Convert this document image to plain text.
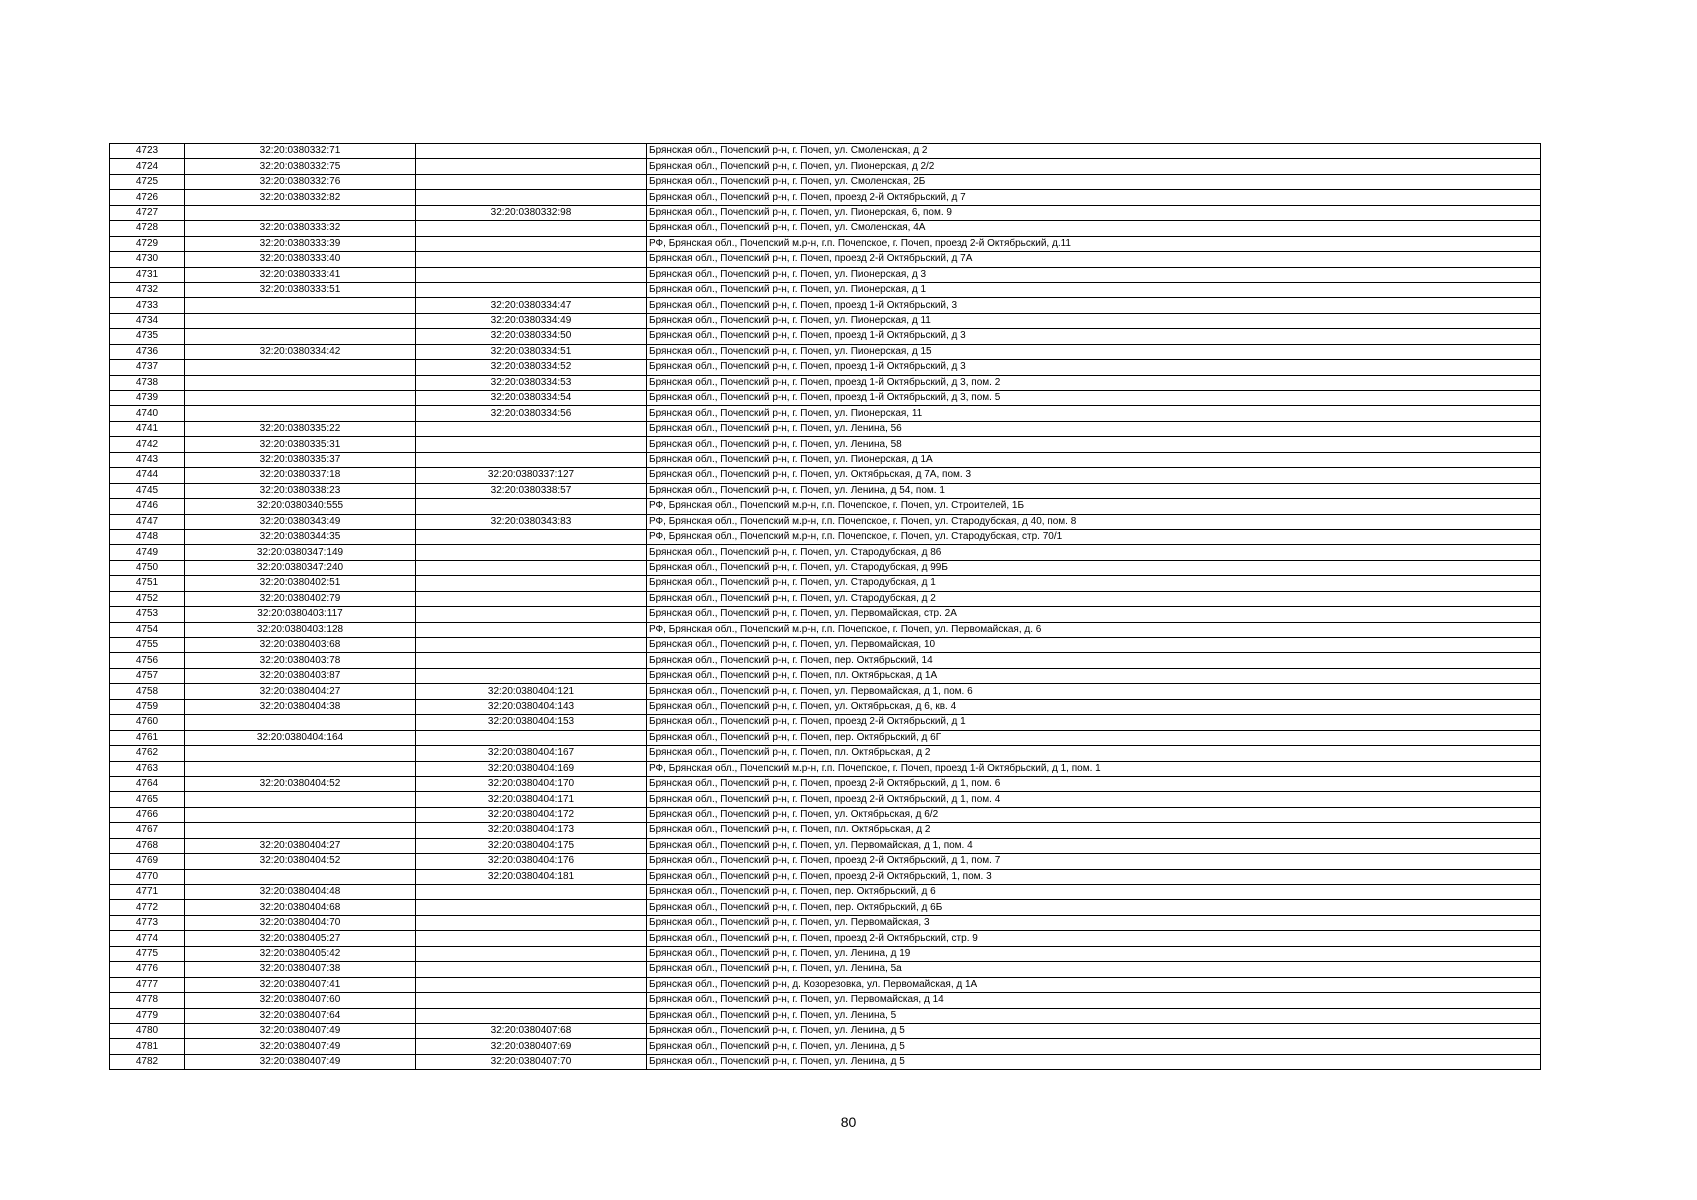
4723	32:20:0380332:71		Брянская обл., Почепский р-н, г. Почеп, ул. Смоленская, д 2
4724	32:20:0380332:75		Брянская обл., Почепский р-н, г. Почеп, ул. Пионерская, д 2/2
4725	32:20:0380332:76		Брянская обл., Почепский р-н, г. Почеп, ул. Смоленская, 2Б
4726	32:20:0380332:82		Брянская обл., Почепский р-н, г. Почеп, проезд 2-й Октябрьский, д 7
4727		32:20:0380332:98	Брянская обл., Почепский р-н, г. Почеп, ул. Пионерская, 6, пом. 9
4728	32:20:0380333:32		Брянская обл., Почепский р-н, г. Почеп, ул. Смоленская, 4А
4729	32:20:0380333:39		РФ, Брянская обл., Почепский м.р-н, г.п. Почепское, г. Почеп, проезд 2-й Октябрьский, д.11
4730	32:20:0380333:40		Брянская обл., Почепский р-н, г. Почеп, проезд 2-й Октябрьский, д 7А
4731	32:20:0380333:41		Брянская обл., Почепский р-н, г. Почеп, ул. Пионерская, д 3
4732	32:20:0380333:51		Брянская обл., Почепский р-н, г. Почеп, ул. Пионерская, д 1
4733		32:20:0380334:47	Брянская обл., Почепский р-н, г. Почеп, проезд 1-й Октябрьский, 3
4734		32:20:0380334:49	Брянская обл., Почепский р-н, г. Почеп, ул. Пионерская, д 11
4735		32:20:0380334:50	Брянская обл., Почепский р-н, г. Почеп, проезд 1-й Октябрьский, д 3
4736	32:20:0380334:42	32:20:0380334:51	Брянская обл., Почепский р-н, г. Почеп, ул. Пионерская, д 15
4737		32:20:0380334:52	Брянская обл., Почепский р-н, г. Почеп, проезд 1-й Октябрьский, д 3
4738		32:20:0380334:53	Брянская обл., Почепский р-н, г. Почеп, проезд 1-й Октябрьский, д 3, пом. 2
4739		32:20:0380334:54	Брянская обл., Почепский р-н, г. Почеп, проезд 1-й Октябрьский, д 3, пом. 5
4740		32:20:0380334:56	Брянская обл., Почепский р-н, г. Почеп, ул. Пионерская, 11
4741	32:20:0380335:22		Брянская обл., Почепский р-н, г. Почеп, ул. Ленина, 56
4742	32:20:0380335:31		Брянская обл., Почепский р-н, г. Почеп, ул. Ленина, 58
4743	32:20:0380335:37		Брянская обл., Почепский р-н, г. Почеп, ул. Пионерская, д 1А
4744	32:20:0380337:18	32:20:0380337:127	Брянская обл., Почепский р-н, г. Почеп, ул. Октябрьская, д 7А, пом. 3
4745	32:20:0380338:23	32:20:0380338:57	Брянская обл., Почепский р-н, г. Почеп, ул. Ленина, д 54, пом. 1
4746	32:20:0380340:555		РФ, Брянская обл., Почепский м.р-н, г.п. Почепское, г. Почеп, ул. Строителей, 1Б
4747	32:20:0380343:49	32:20:0380343:83	РФ, Брянская обл., Почепский м.р-н, г.п. Почепское, г. Почеп, ул. Стародубская, д 40, пом. 8
4748	32:20:0380344:35		РФ, Брянская обл., Почепский м.р-н, г.п. Почепское, г. Почеп, ул. Стародубская, стр. 70/1
4749	32:20:0380347:149		Брянская обл., Почепский р-н, г. Почеп, ул. Стародубская, д 86
4750	32:20:0380347:240		Брянская обл., Почепский р-н, г. Почеп, ул. Стародубская, д 99Б
4751	32:20:0380402:51		Брянская обл., Почепский р-н, г. Почеп, ул. Стародубская, д 1
4752	32:20:0380402:79		Брянская обл., Почепский р-н, г. Почеп, ул. Стародубская, д 2
4753	32:20:0380403:117		Брянская обл., Почепский р-н, г. Почеп, ул. Первомайская, стр. 2А
4754	32:20:0380403:128		РФ, Брянская обл., Почепский м.р-н, г.п. Почепское, г. Почеп, ул. Первомайская, д. 6
4755	32:20:0380403:68		Брянская обл., Почепский р-н, г. Почеп, ул. Первомайская, 10
4756	32:20:0380403:78		Брянская обл., Почепский р-н, г. Почеп, пер. Октябрьский, 14
4757	32:20:0380403:87		Брянская обл., Почепский р-н, г. Почеп, пл. Октябрьская, д 1А
4758	32:20:0380404:27	32:20:0380404:121	Брянская обл., Почепский р-н, г. Почеп, ул. Первомайская, д 1, пом. 6
4759	32:20:0380404:38	32:20:0380404:143	Брянская обл., Почепский р-н, г. Почеп, ул. Октябрьская, д 6, кв. 4
4760		32:20:0380404:153	Брянская обл., Почепский р-н, г. Почеп, проезд 2-й Октябрьский, д 1
4761	32:20:0380404:164		Брянская обл., Почепский р-н, г. Почеп, пер. Октябрьский, д 6Г
4762		32:20:0380404:167	Брянская обл., Почепский р-н, г. Почеп, пл. Октябрьская, д 2
4763		32:20:0380404:169	РФ, Брянская обл., Почепский м.р-н, г.п. Почепское, г. Почеп, проезд 1-й Октябрьский, д 1, пом. 1
4764	32:20:0380404:52	32:20:0380404:170	Брянская обл., Почепский р-н, г. Почеп, проезд 2-й Октябрьский, д 1, пом. 6
4765		32:20:0380404:171	Брянская обл., Почепский р-н, г. Почеп, проезд 2-й Октябрьский, д 1, пом. 4
4766		32:20:0380404:172	Брянская обл., Почепский р-н, г. Почеп, ул. Октябрьская, д 6/2
4767		32:20:0380404:173	Брянская обл., Почепский р-н, г. Почеп, пл. Октябрьская, д 2
4768	32:20:0380404:27	32:20:0380404:175	Брянская обл., Почепский р-н, г. Почеп, ул. Первомайская, д 1, пом. 4
4769	32:20:0380404:52	32:20:0380404:176	Брянская обл., Почепский р-н, г. Почеп, проезд 2-й Октябрьский, д 1, пом. 7
4770		32:20:0380404:181	Брянская обл., Почепский р-н, г. Почеп, проезд 2-й Октябрьский, 1, пом. 3
4771	32:20:0380404:48		Брянская обл., Почепский р-н, г. Почеп, пер. Октябрьский, д 6
4772	32:20:0380404:68		Брянская обл., Почепский р-н, г. Почеп, пер. Октябрьский, д 6Б
4773	32:20:0380404:70		Брянская обл., Почепский р-н, г. Почеп, ул. Первомайская, 3
4774	32:20:0380405:27		Брянская обл., Почепский р-н, г. Почеп, проезд 2-й Октябрьский, стр. 9
4775	32:20:0380405:42		Брянская обл., Почепский р-н, г. Почеп, ул. Ленина, д 19
4776	32:20:0380407:38		Брянская обл., Почепский р-н, г. Почеп, ул. Ленина, 5а
4777	32:20:0380407:41		Брянская обл., Почепский р-н, д. Козорезовка, ул. Первомайская, д 1А
4778	32:20:0380407:60		Брянская обл., Почепский р-н, г. Почеп, ул. Первомайская, д 14
4779	32:20:0380407:64		Брянская обл., Почепский р-н, г. Почеп, ул. Ленина, 5
4780	32:20:0380407:49	32:20:0380407:68	Брянская обл., Почепский р-н, г. Почеп, ул. Ленина, д 5
4781	32:20:0380407:49	32:20:0380407:69	Брянская обл., Почепский р-н, г. Почеп, ул. Ленина, д 5
4782	32:20:0380407:49	32:20:0380407:70	Брянская обл., Почепский р-н, г. Почеп, ул. Ленина, д 5
80
